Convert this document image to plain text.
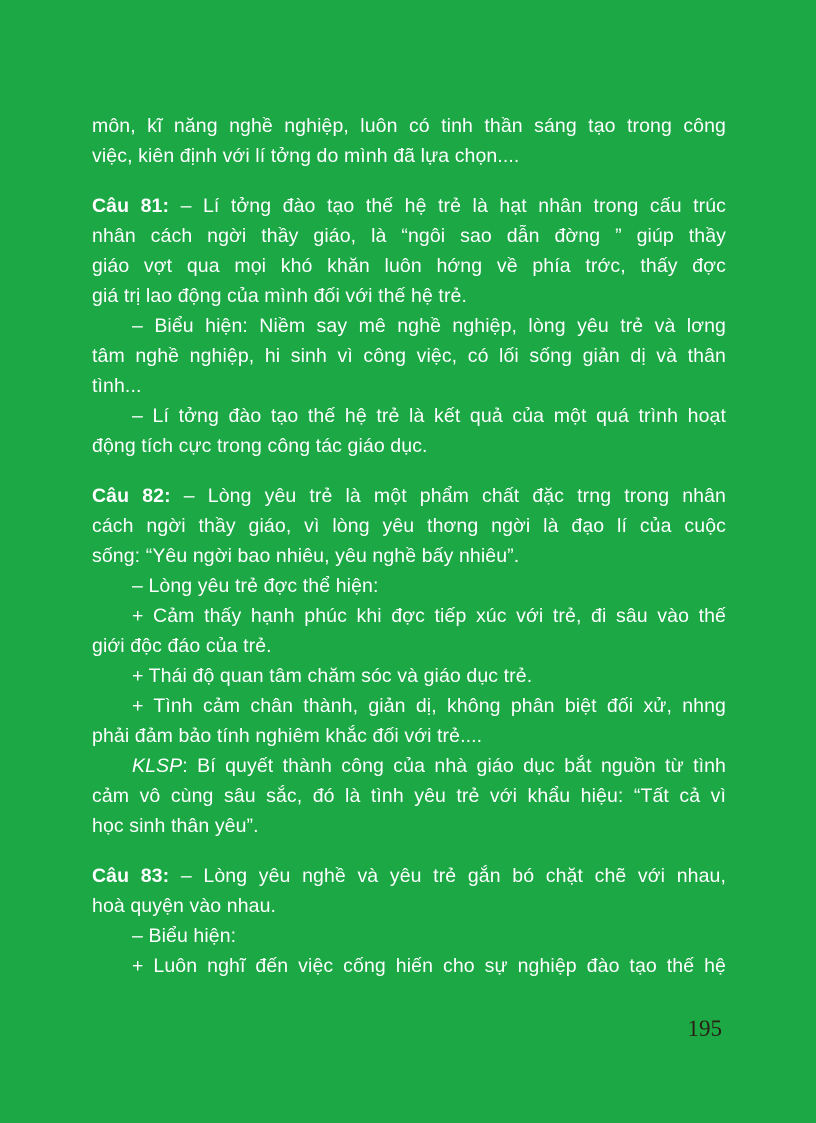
môn, kĩ năng nghề nghiệp, luôn có tinh thần sáng tạo trong công
việc, kiên định với lí tởng do mình đã lựa chọn....
Câu 81: – Lí tởng đào tạo thế hệ trẻ là hạt nhân trong cấu trúc
nhân cách ngời thầy giáo, là “ngôi sao dẫn đờng ” giúp thầy
giáo vợt qua mọi khó khăn luôn hớng về phía trớc, thấy đợc
giá trị lao động của mình đối với thế hệ trẻ.
– Biểu hiện: Niềm say mê nghề nghiệp, lòng yêu trẻ và lơng
tâm nghề nghiệp, hi sinh vì công việc, có lối sống giản dị và thân
tình...
– Lí tởng đào tạo thế hệ trẻ là kết quả của một quá trình hoạt
động tích cực trong công tác giáo dục.
Câu 82: – Lòng yêu trẻ là một phẩm chất đặc trng trong nhân
cách ngời thầy giáo, vì lòng yêu thơng ngời là đạo lí của cuộc
sống: “Yêu ngời bao nhiêu, yêu nghề bấy nhiêu”.
– Lòng yêu trẻ đợc thể hiện:
+ Cảm thấy hạnh phúc khi đợc tiếp xúc với trẻ, đi sâu vào thế
giới độc đáo của trẻ.
+ Thái độ quan tâm chăm sóc và giáo dục trẻ.
+ Tình cảm chân thành, giản dị, không phân biệt đối xử, nhng
phải đảm bảo tính nghiêm khắc đối với trẻ....
KLSP: Bí quyết thành công của nhà giáo dục bắt nguồn từ tình
cảm vô cùng sâu sắc, đó là tình yêu trẻ với khẩu hiệu: “Tất cả vì
học sinh thân yêu”.
Câu 83: – Lòng yêu nghề và yêu trẻ gắn bó chặt chẽ với nhau,
hoà quyện vào nhau.
– Biểu hiện:
+ Luôn nghĩ đến việc cống hiến cho sự nghiệp đào tạo thế hệ
195
